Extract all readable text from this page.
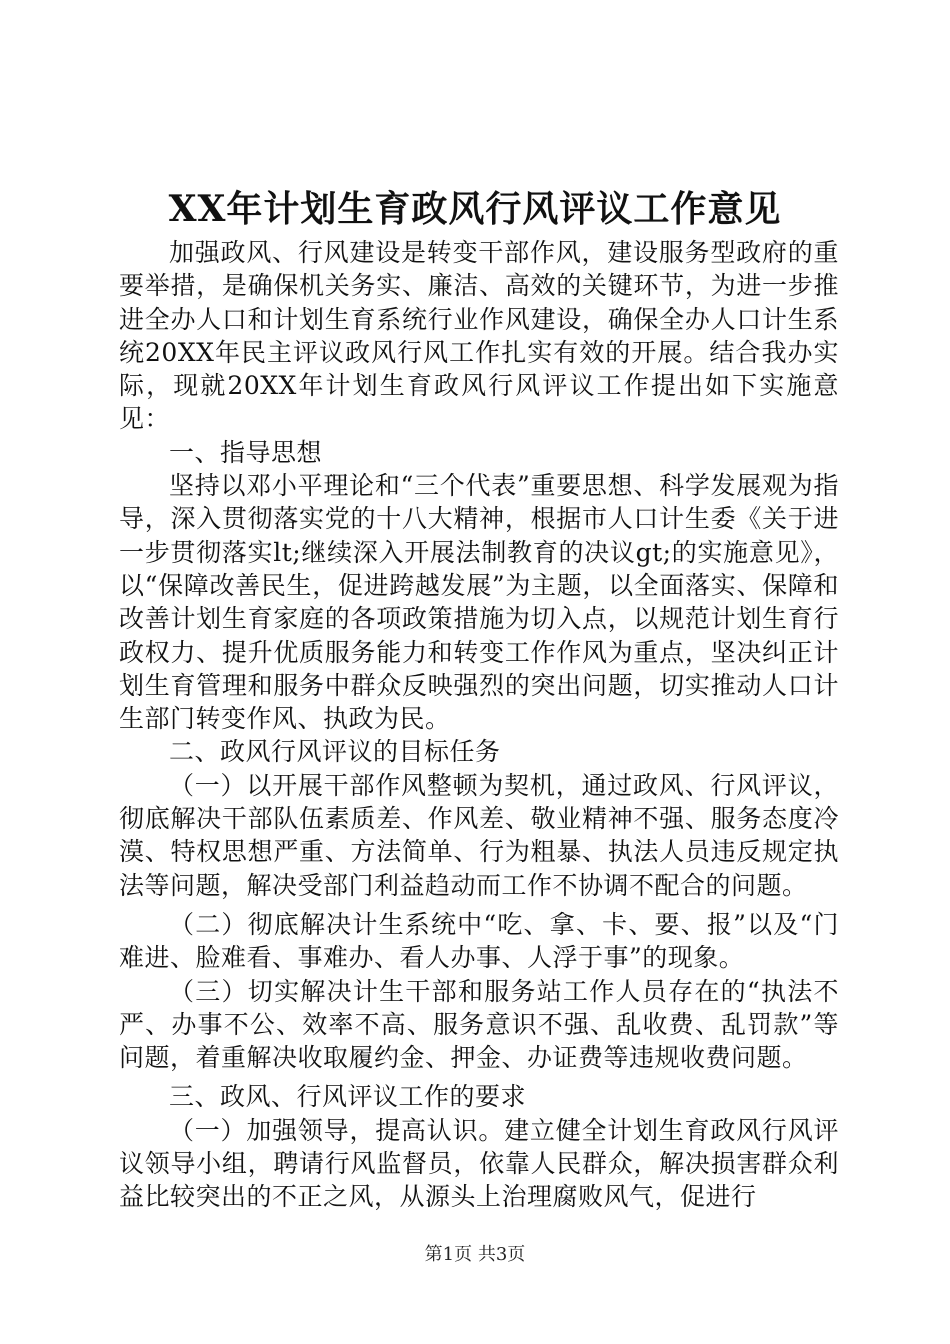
XX年计划生育政风行风评议工作意见

加强政风、行风建设是转变干部作风，建设服务型政府的重要举措，是确保机关务实、廉洁、高效的关键环节，为进一步推进全办人口和计划生育系统行业作风建设，确保全办人口计生系统20XX年民主评议政风行风工作扎实有效的开展。结合我办实际，现就20XX年计划生育政风行风评议工作提出如下实施意见：

一、指导思想

坚持以邓小平理论和“三个代表”重要思想、科学发展观为指导，深入贯彻落实党的十八大精神，根据市人口计生委《关于进一步贯彻落实lt;继续深入开展法制教育的决议gt;的实施意见》，以“保障改善民生，促进跨越发展”为主题，以全面落实、保障和改善计划生育家庭的各项政策措施为切入点，以规范计划生育行政权力、提升优质服务能力和转变工作作风为重点，坚决纠正计划生育管理和服务中群众反映强烈的突出问题，切实推动人口计生部门转变作风、执政为民。

二、政风行风评议的目标任务

（一）以开展干部作风整顿为契机，通过政风、行风评议，彻底解决干部队伍素质差、作风差、敬业精神不强、服务态度冷漠、特权思想严重、方法简单、行为粗暴、执法人员违反规定执法等问题，解决受部门利益趋动而工作不协调不配合的问题。

（二）彻底解决计生系统中“吃、拿、卡、要、报”以及“门难进、脸难看、事难办、看人办事、人浮于事”的现象。

（三）切实解决计生干部和服务站工作人员存在的“执法不严、办事不公、效率不高、服务意识不强、乱收费、乱罚款”等问题，着重解决收取履约金、押金、办证费等违规收费问题。

三、政风、行风评议工作的要求

（一）加强领导，提高认识。建立健全计划生育政风行风评议领导小组，聘请行风监督员，依靠人民群众，解决损害群众利益比较突出的不正之风，从源头上治理腐败风气，促进行

第1页 共3页
